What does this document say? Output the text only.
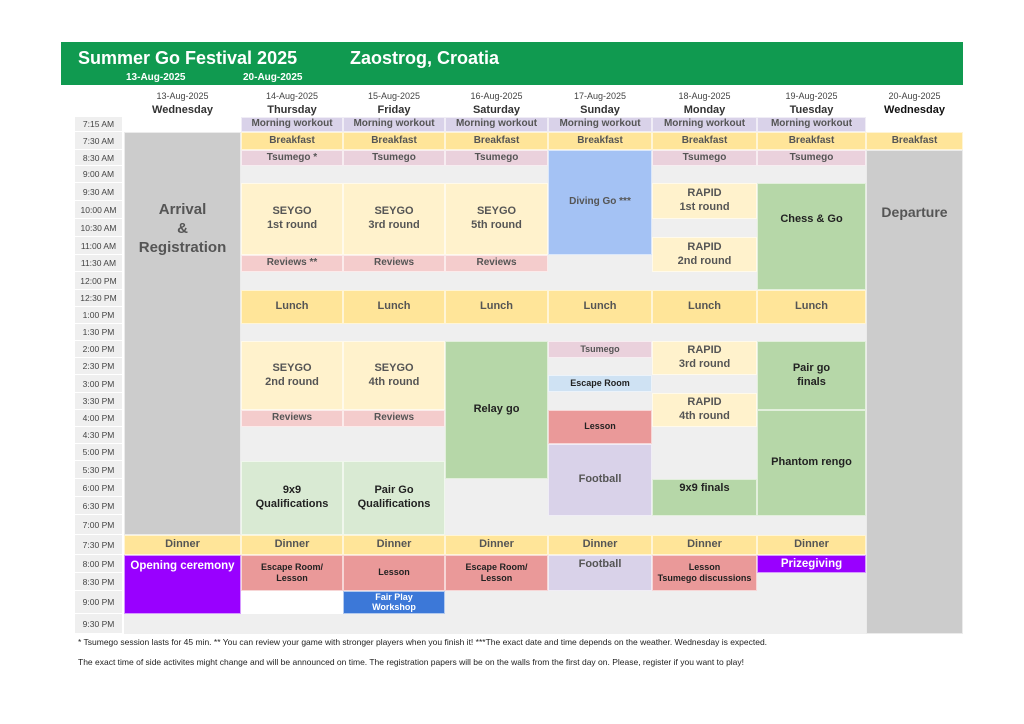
Summer Go Festival 2025	Zaostrog, Croatia
13-Aug-2025	20-Aug-2025
13-Aug-2025
Wednesday
14-Aug-2025
Thursday
15-Aug-2025
Friday
16-Aug-2025
Saturday
17-Aug-2025
Sunday
18-Aug-2025
Monday
19-Aug-2025
Tuesday
20-Aug-2025
Wednesday
7:15 AM
7:30 AM
8:30 AM
9:00 AM
9:30 AM
10:00 AM
10:30 AM
11:00 AM
11:30 AM
12:00 PM
12:30 PM
1:00 PM
1:30 PM
2:00 PM
2:30 PM
3:00 PM
3:30 PM
4:00 PM
4:30 PM
5:00 PM
5:30 PM
6:00 PM
6:30 PM
7:00 PM
7:30 PM
8:00 PM
8:30 PM
9:00 PM
9:30 PM
Arrival
&
Registration
Dinner
Opening ceremony
Morning workout
Breakfast
Tsumego *
SEYGO
1st round
Reviews **
Lunch
SEYGO
2nd round
Reviews
9x9
Qualifications
Dinner
Escape Room/
Lesson
Morning workout
Breakfast
Tsumego
SEYGO
3rd round
Reviews
Lunch
SEYGO
4th round
Reviews
Pair Go
Qualifications
Dinner
Lesson
Fair Play
Workshop
Morning workout
Breakfast
Tsumego
SEYGO
5th round
Reviews
Lunch
Relay go
Dinner
Escape Room/
Lesson
Morning workout
Breakfast
Diving Go ***
Lunch
Tsumego
Escape Room
Lesson
Football
Dinner
Football
Morning workout
Breakfast
Tsumego
RAPID
1st round
RAPID
2nd round
Lunch
RAPID
3rd round
RAPID
4th round
9x9 finals
Dinner
Lesson
Tsumego discussions
Morning workout
Breakfast
Tsumego
Chess & Go
Lunch
Pair go
finals
Phantom rengo
Dinner
Prizegiving
Breakfast
Departure
* Tsumego session lasts for 45 min. ** You can review your game with stronger players when you finish it! ***The exact date and time depends on the weather. Wednesday is expected.
The exact time of side activites might change and will be announced on time. The registration papers will be on the walls from the first day on. Please, register if you want to play!
